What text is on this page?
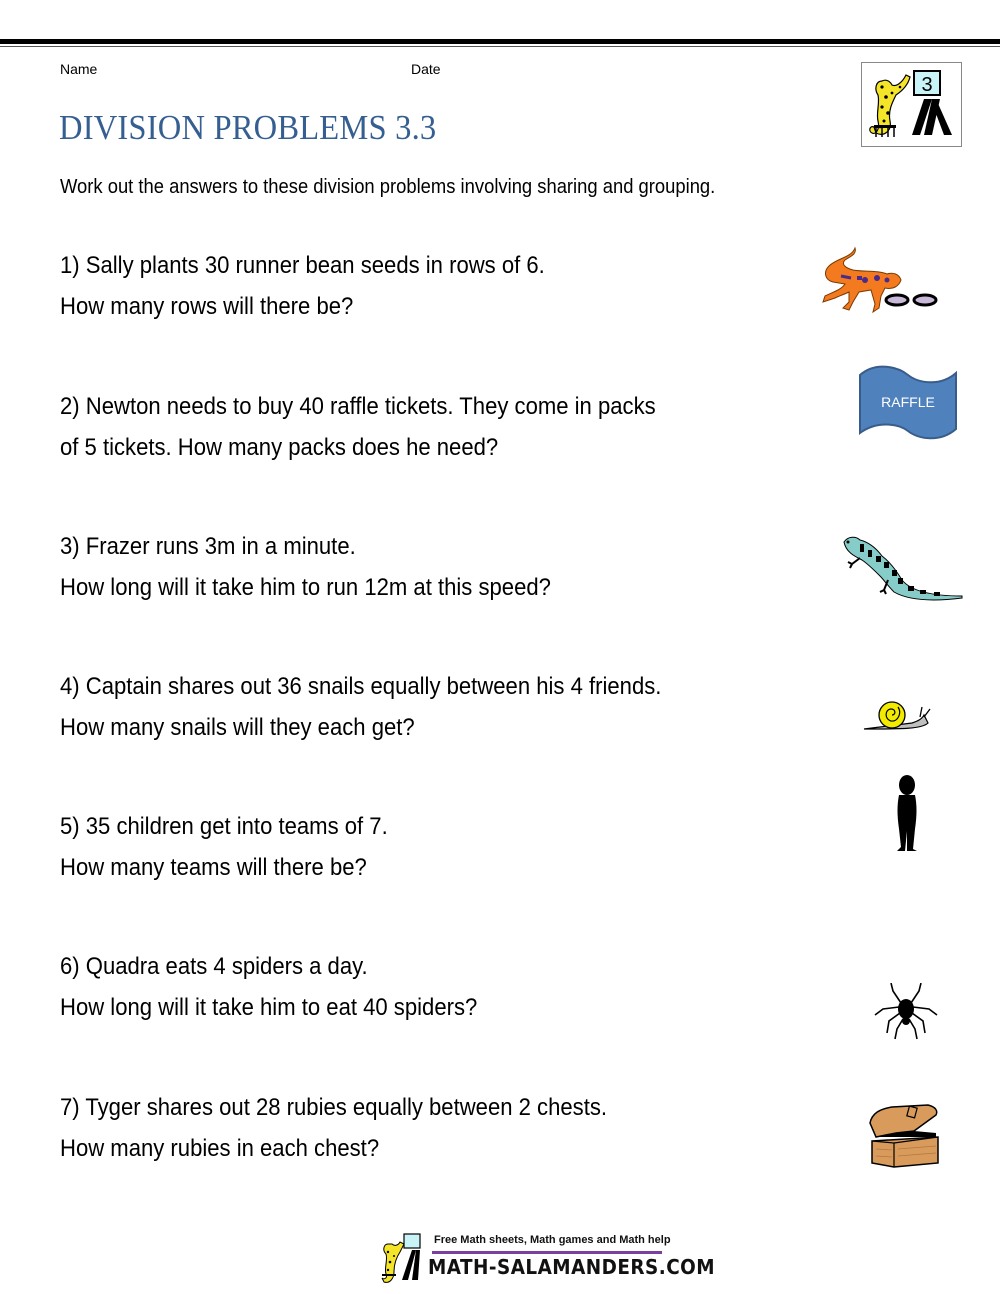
Name	Date
DIVISION PROBLEMS 3.3
3
Work out the answers to these division problems involving sharing and grouping.
1) Sally plants 30 runner bean seeds in rows of 6.
How many rows will there be?
2) Newton needs to buy 40 raffle tickets. They come in packs
of 5 tickets. How many packs does he need?
3) Frazer runs 3m in a minute.
How long will it take him to run 12m at this speed?
4) Captain shares out 36 snails equally between his 4 friends.
How many snails will they each get?
5) 35 children get into teams of 7.
How many teams will there be?
6) Quadra eats 4 spiders a day.
How long will it take him to eat 40 spiders?
7) Tyger shares out 28 rubies equally between 2 chests.
How many rubies in each chest?
RAFFLE
Free Math sheets, Math games and Math help
MATH-SALAMANDERS.COM
